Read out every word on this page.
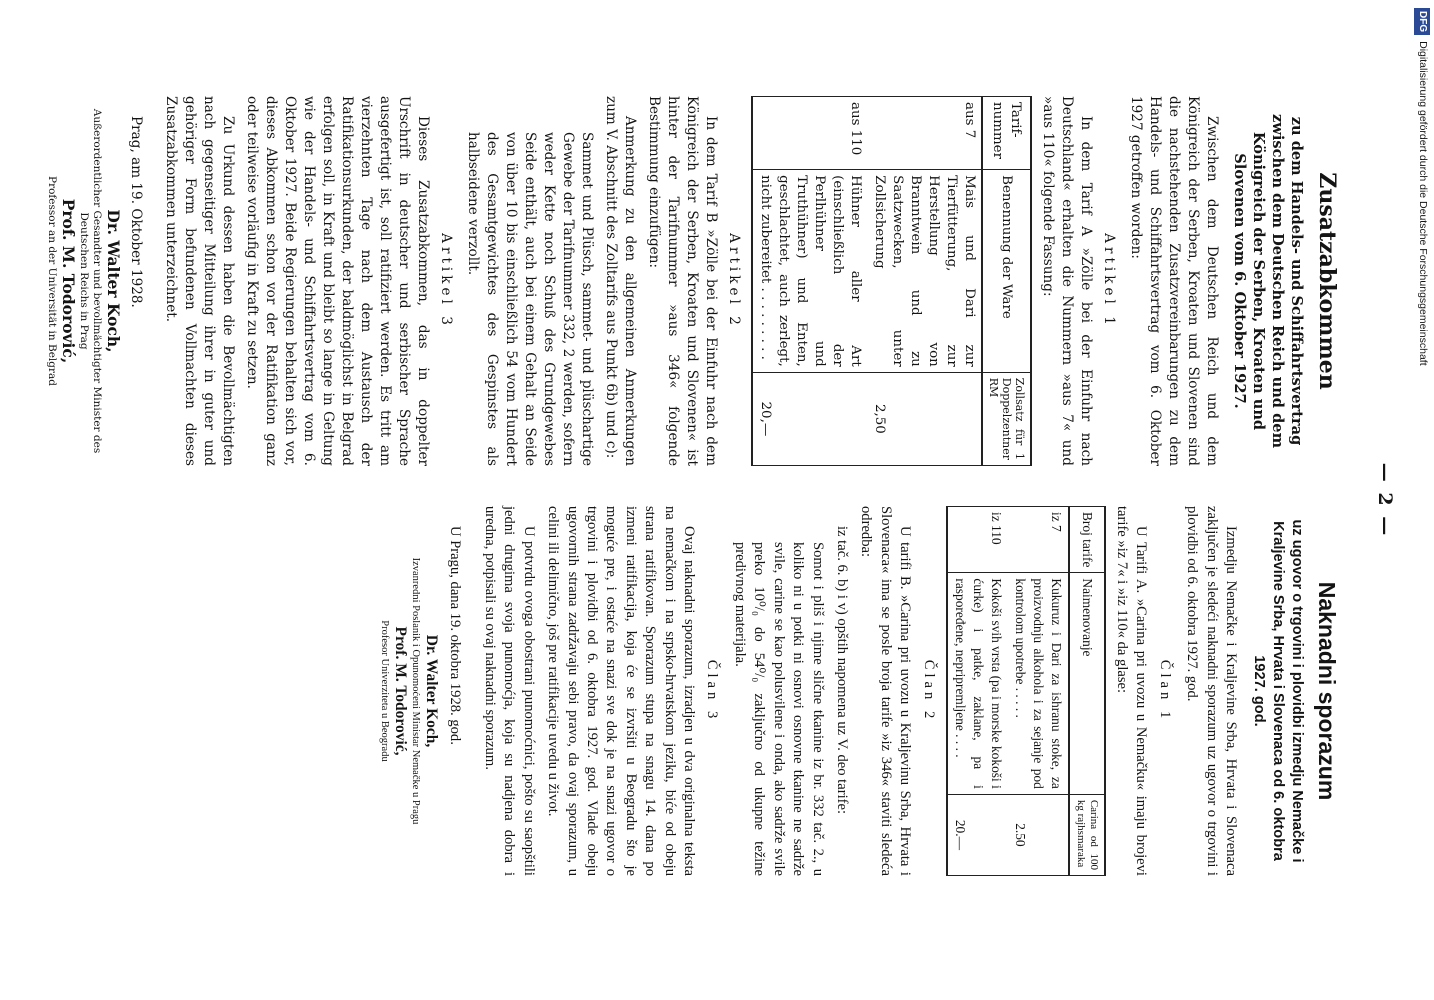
— 2 —
Zusatzabkommen
zu dem Handels- und Schiffahrtsvertrag zwischen dem Deutschen Reich und dem Königreich der Serben, Kroaten und Slovenen vom 6. Oktober 1927.

Zwischen dem Deutschen Reich und dem Königreich der Serben, Kroaten und Slovenen sind die nachstehenden Zusatzvereinbarungen zu dem Handels- und Schiffahrtsvertrag vom 6. Oktober 1927 getroffen worden:

Artikel 1

In dem Tarif A »Zölle bei der Einfuhr nach Deutschland« erhalten die Nummern »aus 7« und »aus 110« folgende Fassung:

Tarif-nummer	Benennung der Ware	Zollsatz für 1 Doppelzentner RM
aus 7	Mais und Dari zur Tierfütterung, zur Herstellung von Branntwein und zu Saatzwecken, unter Zollsicherung	2,50
aus 110	Hühner aller Art (einschließlich der Perlhühner und Truthühner) und Enten, geschlachtet, auch zerlegt, nicht zubereitet . . . . . . . . .	20,—
Artikel 2

In dem Tarif B »Zölle bei der Einfuhr nach dem Königreich der Serben, Kroaten und Slovenen« ist hinter der Tarifnummer »aus 346« folgende Bestimmung einzufügen:

Anmerkung zu den allgemeinen Anmerkungen zum V. Abschnitt des Zolltarifs aus Punkt 6b) und c):

Sammet und Plüsch, sammet- und plüschartige Gewebe der Tarifnummer 332, 2 werden, sofern weder Kette noch Schuß des Grundgewebes Seide enthält, auch bei einem Gehalt an Seide von über 10 bis einschließlich 54 vom Hundert des Gesamtgewichtes des Gespinstes als halbseidene verzollt.

Artikel 3

Dieses Zusatzabkommen, das in doppelter Urschrift in deutscher und serbischer Sprache ausgefertigt ist, soll ratifiziert werden. Es tritt am vierzehnten Tage nach dem Austausch der Ratifikationsurkunden, der baldmöglichst in Belgrad erfolgen soll, in Kraft und bleibt so lange in Geltung wie der Handels- und Schiffahrtsvertrag vom 6. Oktober 1927. Beide Regierungen behalten sich vor, dieses Abkommen schon vor der Ratifikation ganz oder teilweise vorläufig in Kraft zu setzen.

Zu Urkund dessen haben die Bevollmächtigten nach gegenseitiger Mitteilung ihrer in guter und gehöriger Form befundenen Vollmachten dieses Zusatzabkommen unterzeichnet.

Prag, am 19. Oktober 1928.
Dr. Walter Koch,
Außerordentlicher Gesandter und bevollmächtigter Minister des Deutschen Reichs in Prag
Prof. M. Todorović,
Professor an der Universität in Belgrad
Naknadni sporazum
uz ugovor o trgovini i plovidbi izmedju Nemačke i Kraljevine Srba, Hrvata i Slovenaca od 6. oktobra 1927. god.

Izmedju Nemačke i Kraljevine Srba, Hrvata i Slovenaca zaključen je sledeći naknadni sporazum uz ugovor o trgovini i plovidbi od 6. oktobra 1927. god.

Član 1

U Tarifi A. »Carina pri uvozu u Nemačku« imaju brojevi tarife »iz 7« i »iz 110« da glase:

Broj tarife	Naimenovanje	Carina od 100 kg rajhsmaraka
iz 7	Kukuruz i Dari za ishranu stoke, za proizvodnju alkohola i za sejanje pod kontrolom upotrebe . . . . .	2.50
iz 110	Kokoši svih vrsta (pa i morske kokoši i ćurke) i patke, zaklane, pa i raspoređene, nepripremljene . . . .	20.—
Član 2

U tarifi B. »Carina pri uvozu u Kraljevinu Srba, Hrvata i Slovenaca« ima se posle broja tarife »iz 346« staviti sledeća odredba:

iz tač. 6. b) i v) opštih napomena uz V. deo tarife:

Somot i pliš i njime slične tkanine iz br. 332 tač. 2., u koliko ni u potki ni osnovi osnovne tkanine ne sadrže svile, carine se kao polusvilene i onda, ako sadrže svile preko 10⁰/₀ do 54⁰/₀ zaključno od ukupne težine predivnog materijala.

Član 3

Ovaj naknadni sporazum, izradjen u dva originalna teksta na nemačkom i na srpsko-hrvatskom jeziku, biće od obeju strana ratifikovan. Sporazum stupa na snagu 14. dana po izmeni ratifikacija, koja će se izvršiti u Beogradu što je moguće pre, i ostaće na snazi sve dok je na snazi ugovor o trgovini i plovidbi od 6. oktobra 1927. god. Vlade obeju ugovornih strana zadržavaju sebi pravo, da ovaj sporazum, u celini ili delimično, još pre ratifikacije uvedu u život.

U potvrdu ovoga obostrani punomoćnici, pošto su saopštili jedni drugima svoja punomoćja, koja su nadjena dobra i uredna, potpisali su ovaj naknadni sporazum.

U Pragu, dana 19. oktobra 1928. god.
Dr. Walter Koch,
Izvanredni Poslanik i Opunomoćeni Ministar Nemačke u Pragu
Prof. M. Todorović,
Profesor Univerziteta u Beogradu
DFGDigitalisierung gefördert durch die Deutsche Forschungsgemeinschaft
